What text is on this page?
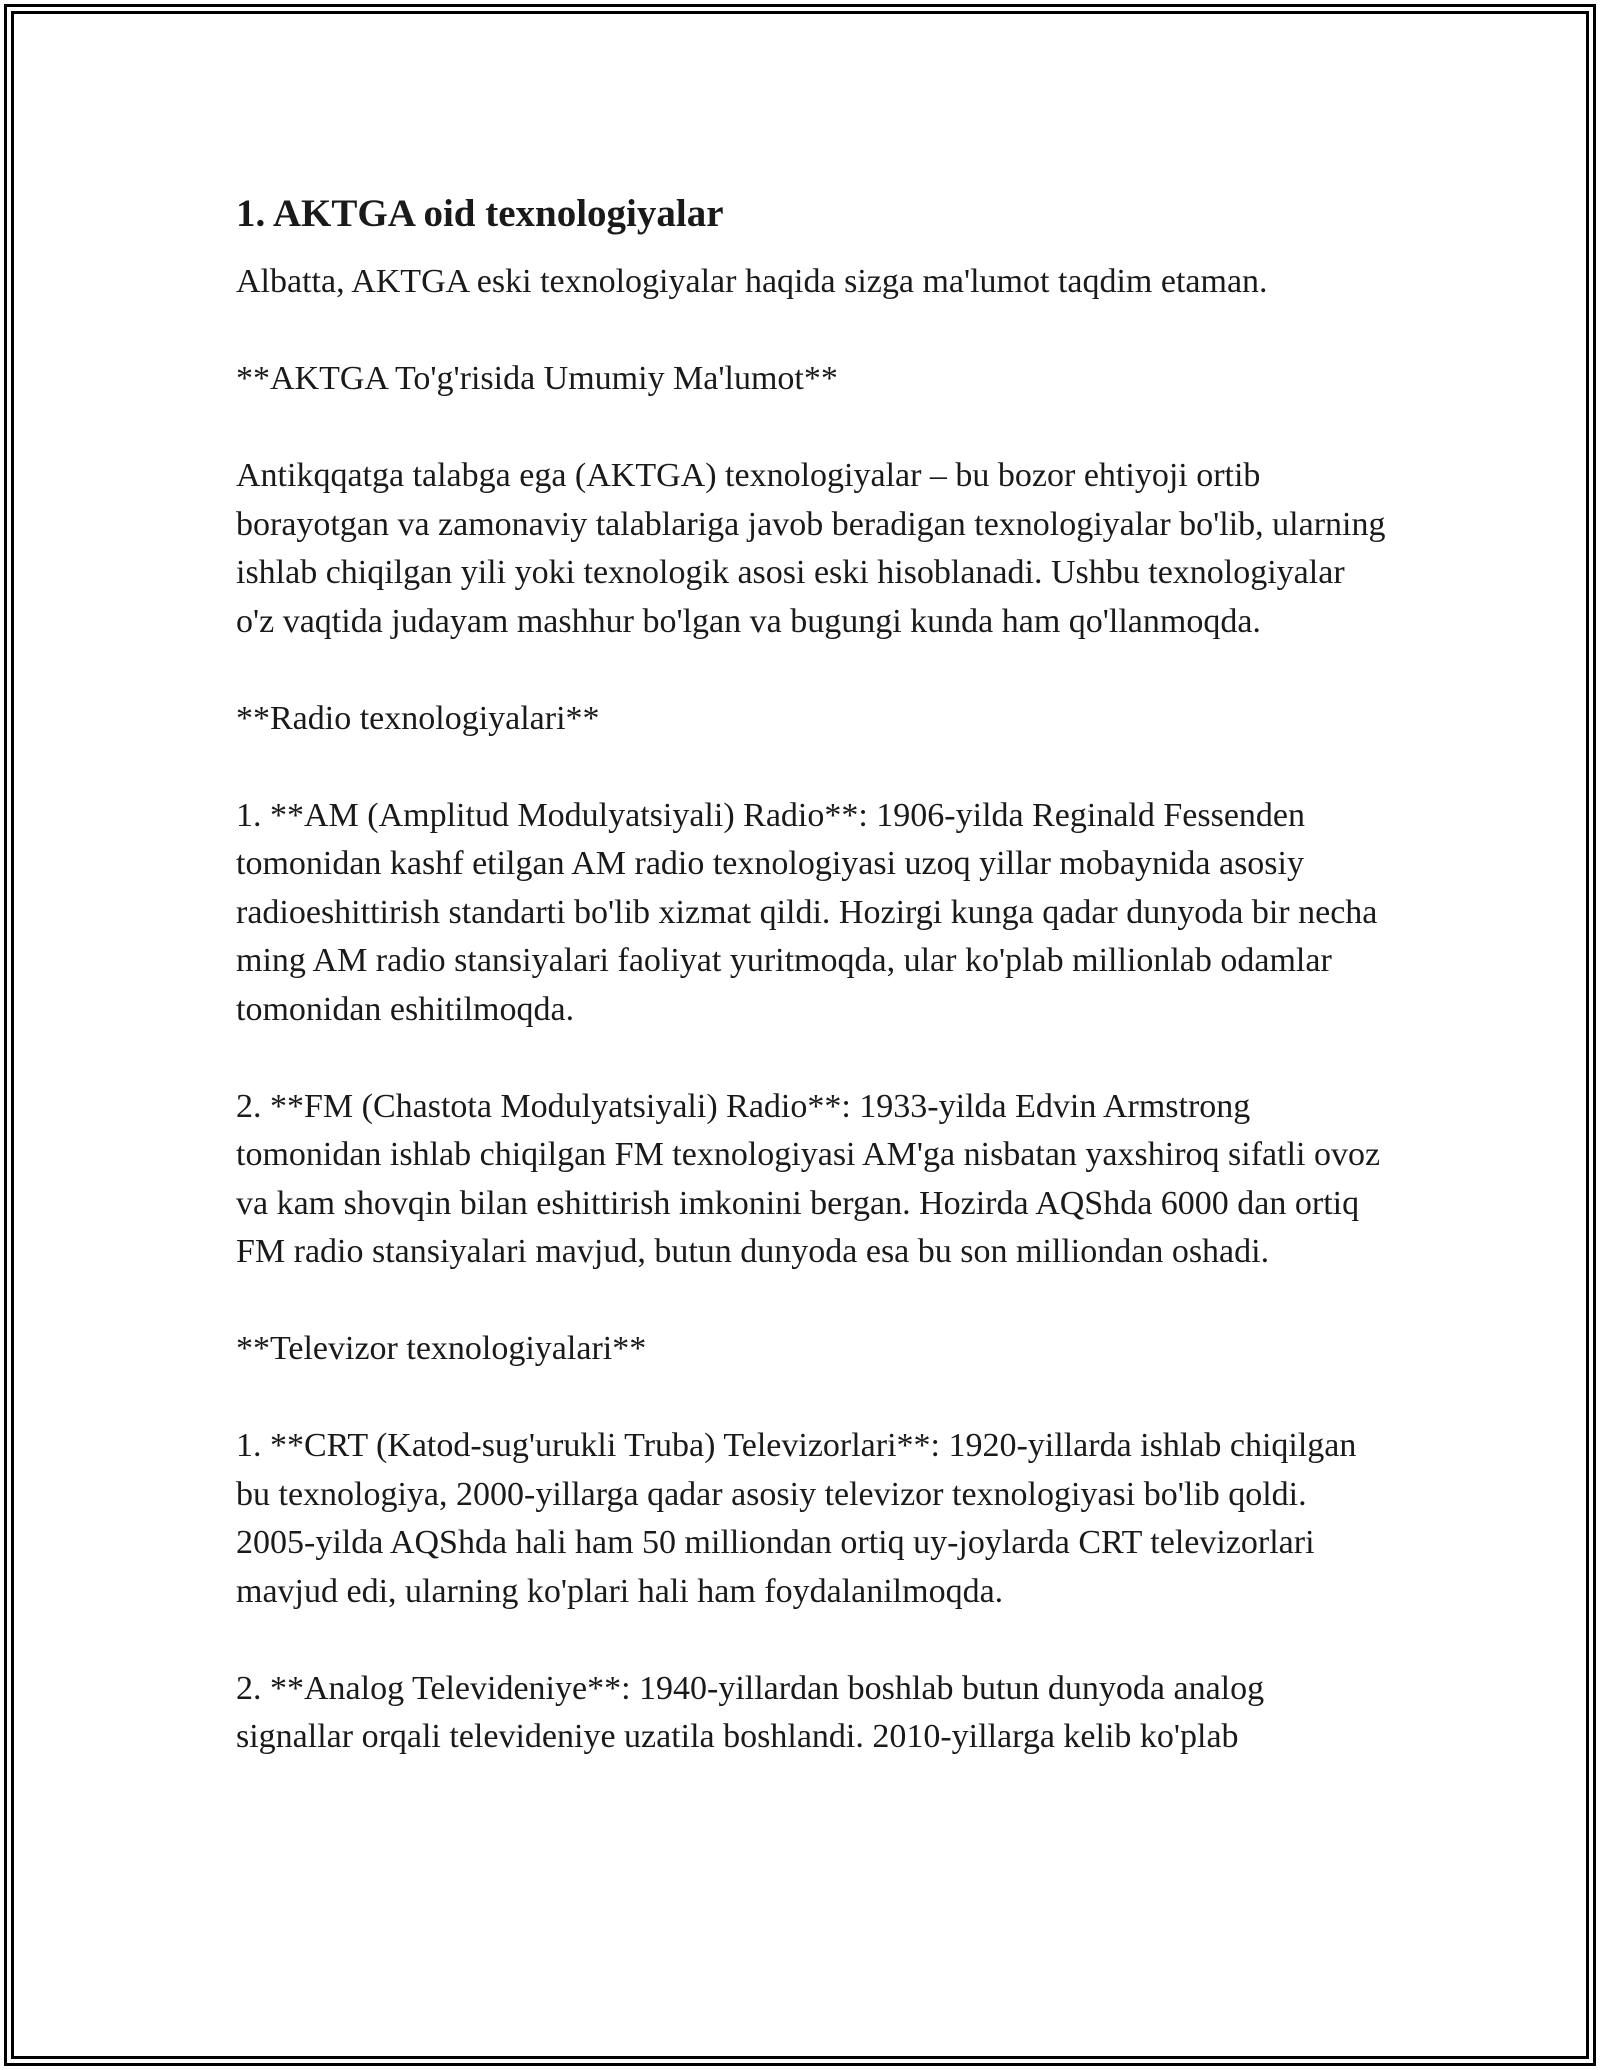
1. AKTGA oid texnologiyalar

Albatta, AKTGA eski texnologiyalar haqida sizga ma'lumot taqdim etaman.

**AKTGA To'g'risida Umumiy Ma'lumot**

Antikqqatga talabga ega (AKTGA) texnologiyalar – bu bozor ehtiyoji ortib borayotgan va zamonaviy talablariga javob beradigan texnologiyalar bo'lib, ularning ishlab chiqilgan yili yoki texnologik asosi eski hisoblanadi. Ushbu texnologiyalar o'z vaqtida judayam mashhur bo'lgan va bugungi kunda ham qo'llanmoqda.

**Radio texnologiyalari**

1. **AM (Amplitud Modulyatsiyali) Radio**: 1906-yilda Reginald Fessenden tomonidan kashf etilgan AM radio texnologiyasi uzoq yillar mobaynida asosiy radioeshittirish standarti bo'lib xizmat qildi. Hozirgi kunga qadar dunyoda bir necha ming AM radio stansiyalari faoliyat yuritmoqda, ular ko'plab millionlab odamlar tomonidan eshitilmoqda.

2. **FM (Chastota Modulyatsiyali) Radio**: 1933-yilda Edvin Armstrong tomonidan ishlab chiqilgan FM texnologiyasi AM'ga nisbatan yaxshiroq sifatli ovoz va kam shovqin bilan eshittirish imkonini bergan. Hozirda AQShda 6000 dan ortiq FM radio stansiyalari mavjud, butun dunyoda esa bu son milliondan oshadi.

**Televizor texnologiyalari**

1. **CRT (Katod-sug'urukli Truba) Televizorlari**: 1920-yillarda ishlab chiqilgan bu texnologiya, 2000-yillarga qadar asosiy televizor texnologiyasi bo'lib qoldi. 2005-yilda AQShda hali ham 50 milliondan ortiq uy-joylarda CRT televizorlari mavjud edi, ularning ko'plari hali ham foydalanilmoqda.

2. **Analog Televideniye**: 1940-yillardan boshlab butun dunyoda analog signallar orqali televideniye uzatila boshlandi. 2010-yillarga kelib ko'plab
